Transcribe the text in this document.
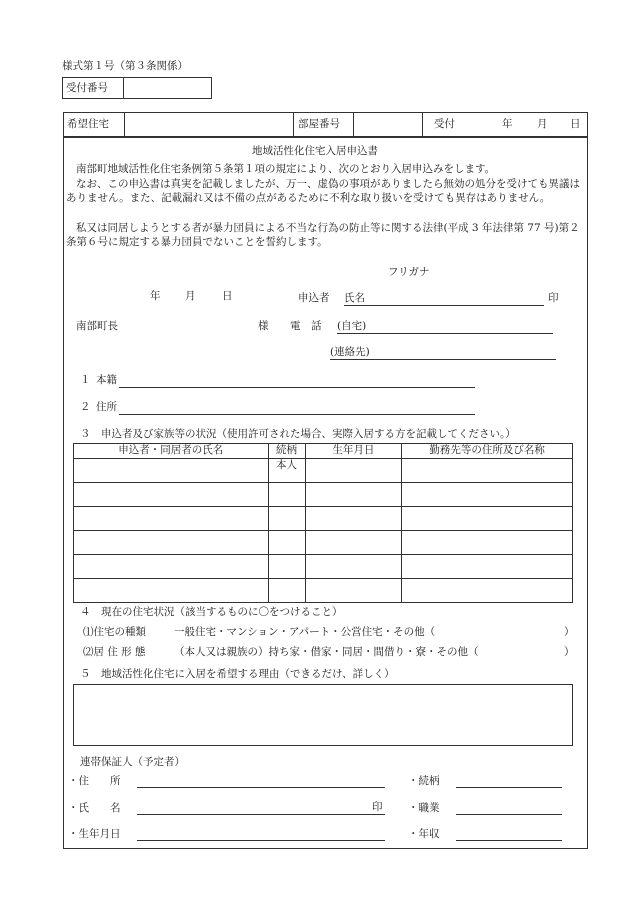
様式第１号（第３条関係）
受付番号
希望住宅	部屋番号	受付	年 月 日
地域活性化住宅入居申込書
南部町地域活性化住宅条例第５条第１項の規定により、次のとおり入居申込みをします。
なお、この申込書は真実を記載しましたが、万一、虚偽の事項がありましたら無効の処分を受けても異議はありません。また、記載漏れ又は不備の点があるために不利な取り扱いを受けても異存はありません。
私又は同居しようとする者が暴力団員による不当な行為の防止等に関する法律(平成 3 年法律第 77 号)第２条第６号に規定する暴力団員でないことを誓約します。
フリガナ
年 月	日	申込者 氏名	印
南部町長	様 電　話 (自宅)
(連絡先)
１ 本籍
２ 住所
３　申込者及び家族等の状況（使用許可された場合、実際入居する方を記載してください。）
申込者・同居者の氏名	続柄	生年月日	勤務先等の住所及び名称
	本人		

４　現在の住宅状況（該当するものに〇をつけること）
⑴住宅の種類	一般住宅・マンション・アパート・公営住宅・その他（	）
⑵居 住 形 態	（本人又は親族の）持ち家・借家・同居・間借り・寮・その他（	）
５　地域活性化住宅に入居を希望する理由（できるだけ、詳しく）
連帯保証人（予定者）
・住　　所	・続柄
・氏　　名	印 ・職業
・生年月日	・年収
